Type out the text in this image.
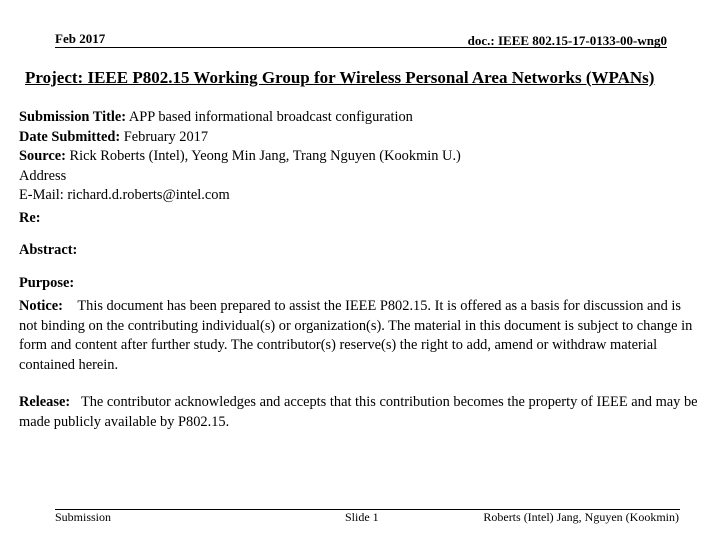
Feb 2017	doc.: IEEE 802.15-17-0133-00-wng0
Project: IEEE P802.15 Working Group for Wireless Personal Area Networks (WPANs)
Submission Title: APP based informational broadcast configuration
Date Submitted: February 2017
Source: Rick Roberts (Intel), Yeong Min Jang, Trang Nguyen (Kookmin U.)
Address
E-Mail: richard.d.roberts@intel.com
Re:
Abstract:
Purpose:
Notice: This document has been prepared to assist the IEEE P802.15. It is offered as a basis for discussion and is not binding on the contributing individual(s) or organization(s). The material in this document is subject to change in form and content after further study. The contributor(s) reserve(s) the right to add, amend or withdraw material contained herein.
Release: The contributor acknowledges and accepts that this contribution becomes the property of IEEE and may be made publicly available by P802.15.
Submission	Slide 1	Roberts (Intel) Jang, Nguyen (Kookmin)
